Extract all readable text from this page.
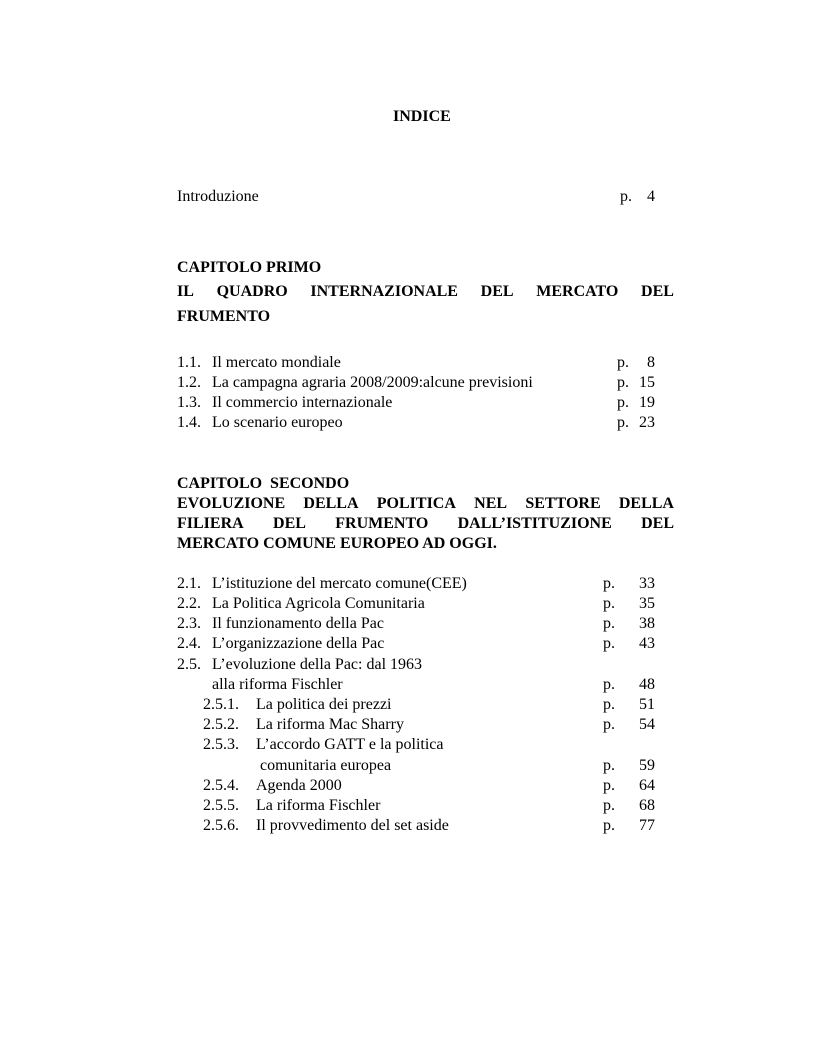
INDICE
Introduzione	p. 4
CAPITOLO PRIMO
IL QUADRO INTERNAZIONALE DEL MERCATO DEL
FRUMENTO
1.1. Il mercato mondiale	p. 8
1.2. La campagna agraria 2008/2009:alcune previsioni	p. 15
1.3. Il commercio internazionale	p. 19
1.4. Lo scenario europeo	p. 23
CAPITOLO  SECONDO
EVOLUZIONE DELLA POLITICA NEL SETTORE DELLA
FILIERA DEL FRUMENTO DALL’ISTITUZIONE DEL
MERCATO COMUNE EUROPEO AD OGGI.
2.1. L’istituzione del mercato comune(CEE)	p. 33
2.2. La Politica Agricola Comunitaria	p. 35
2.3. Il funzionamento della Pac	p. 38
2.4. L’organizzazione della Pac	p. 43
2.5. L’evoluzione della Pac: dal 1963
alla riforma Fischler	p. 48
2.5.1. La politica dei prezzi	p. 51
2.5.2. La riforma Mac Sharry	p. 54
2.5.3. L’accordo GATT e la politica
comunitaria europea	p. 59
2.5.4. Agenda 2000	p. 64
2.5.5. La riforma Fischler	p. 68
2.5.6. Il provvedimento del set aside	p. 77
